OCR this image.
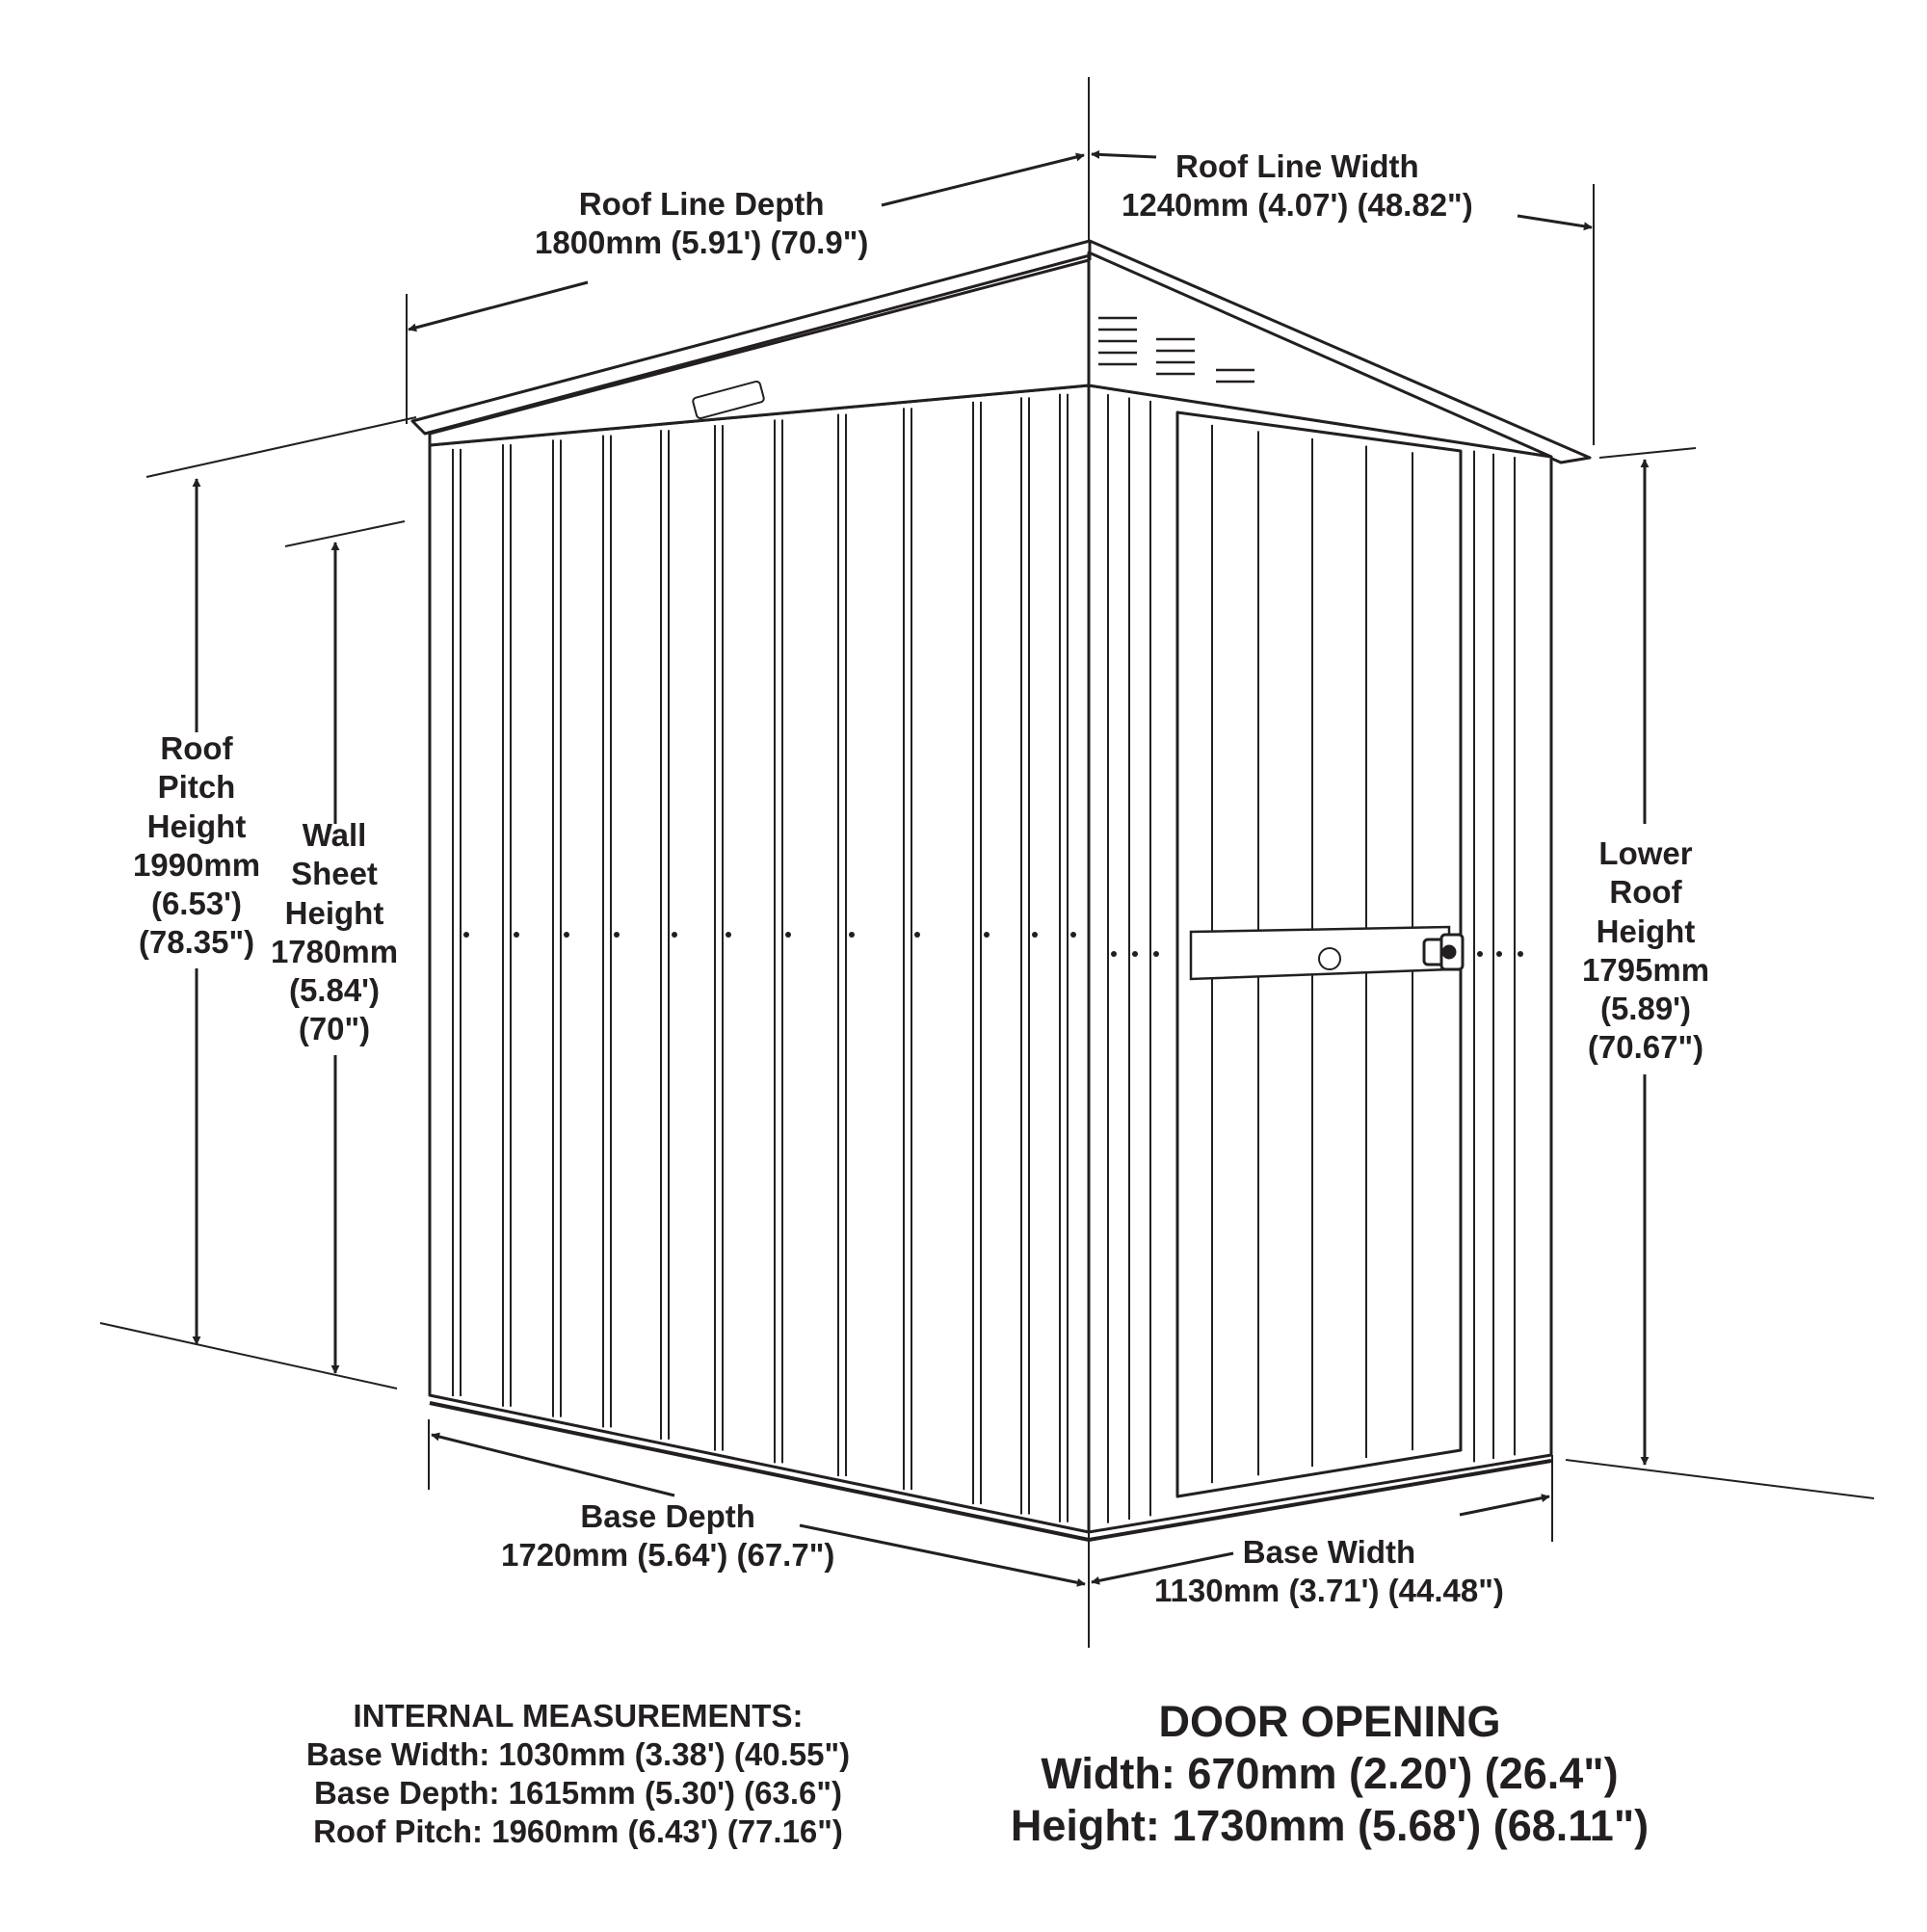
Roof Line Depth
1800mm (5.91') (70.9")
Roof Line Width
1240mm (4.07') (48.82")
Roof
Pitch
Height
1990mm
(6.53')
(78.35")
Wall
Sheet
Height
1780mm
(5.84')
(70")
Lower
Roof
Height
1795mm
(5.89')
(70.67")
Base Depth
1720mm (5.64') (67.7")	Base Width
1130mm (3.71') (44.48")
INTERNAL MEASUREMENTS:
Base Width: 1030mm (3.38') (40.55")
Base Depth: 1615mm (5.30') (63.6")
Roof Pitch: 1960mm (6.43') (77.16")
DOOR OPENING
Width: 670mm (2.20') (26.4")
Height: 1730mm (5.68') (68.11")
